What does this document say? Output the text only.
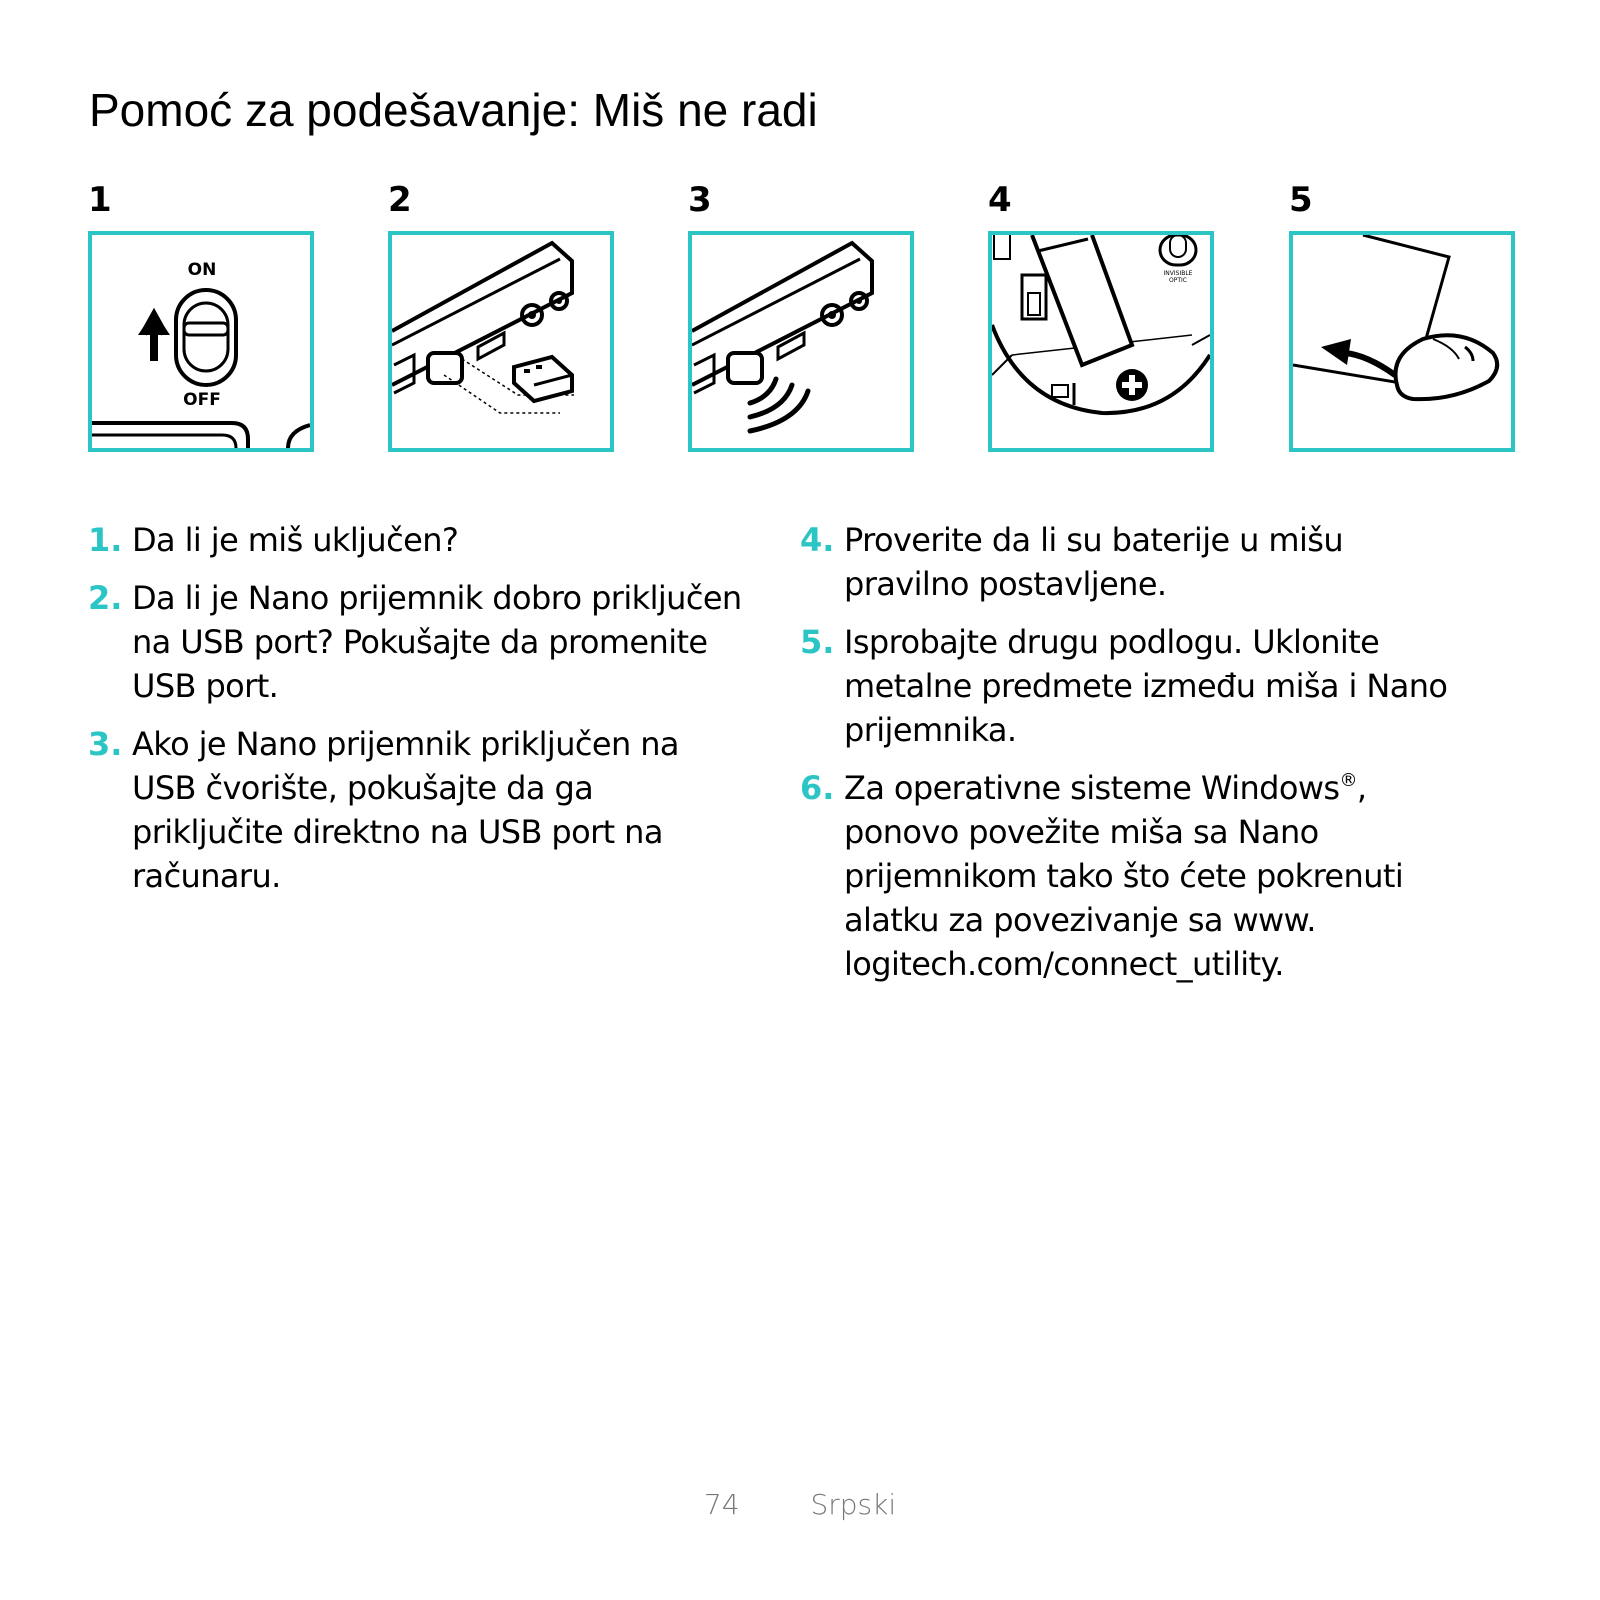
Pomoć za podešavanje: Miš ne radi
1	2	3	4	5
ON
OFF
INVISIBLE
OPTIC
1. Da li je miš uključen?
2. Da li je Nano prijemnik dobro priključen na USB port? Pokušajte da promenite USB port.
3. Ako je Nano prijemnik priključen na USB čvorište, pokušajte da ga priključite direktno na USB port na računaru.
4. Proverite da li su baterije u mišu pravilno postavljene.
5. Isprobajte drugu podlogu. Uklonite metalne predmete između miša i Nano prijemnika.
6. Za operativne sisteme Windows®, ponovo povežite miša sa Nano prijemnikom tako što ćete pokrenuti alatku za povezivanje sa www. logitech.com/connect_utility.
74	Srpski
